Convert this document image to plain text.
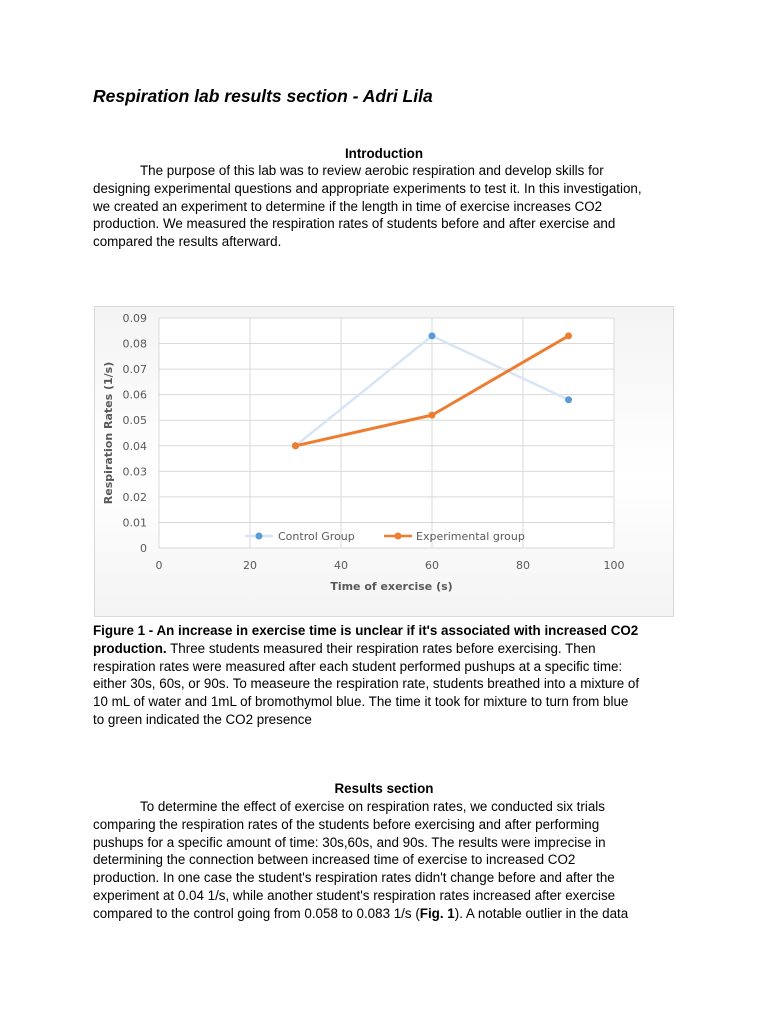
Respiration lab results section - Adri Lila

Introduction

The purpose of this lab was to review aerobic respiration and develop skills for
designing experimental questions and appropriate experiments to test it. In this investigation,
we created an experiment to determine if the length in time of exercise increases CO2
production. We measured the respiration rates of students before and after exercise and
compared the results afterward.

0
0.01
0.02
0.03
0.04
0.05
0.06
0.07
0.08
0.09
0	20	40	60	80	100
Time of exercise (s)
Respiration Rates (1/s)
Control Group	Experimental group

Figure 1 - An increase in exercise time is unclear if it's associated with increased CO2
production. Three students measured their respiration rates before exercising. Then
respiration rates were measured after each student performed pushups at a specific time:
either 30s, 60s, or 90s. To measeure the respiration rate, students breathed into a mixture of
10 mL of water and 1mL of bromothymol blue. The time it took for mixture to turn from blue
to green indicated the CO2 presence

Results section

To determine the effect of exercise on respiration rates, we conducted six trials
comparing the respiration rates of the students before exercising and after performing
pushups for a specific amount of time: 30s,60s, and 90s. The results were imprecise in
determining the connection between increased time of exercise to increased CO2
production. In one case the student's respiration rates didn't change before and after the
experiment at 0.04 1/s, while another student's respiration rates increased after exercise
compared to the control going from 0.058 to 0.083 1/s (Fig. 1). A notable outlier in the data
